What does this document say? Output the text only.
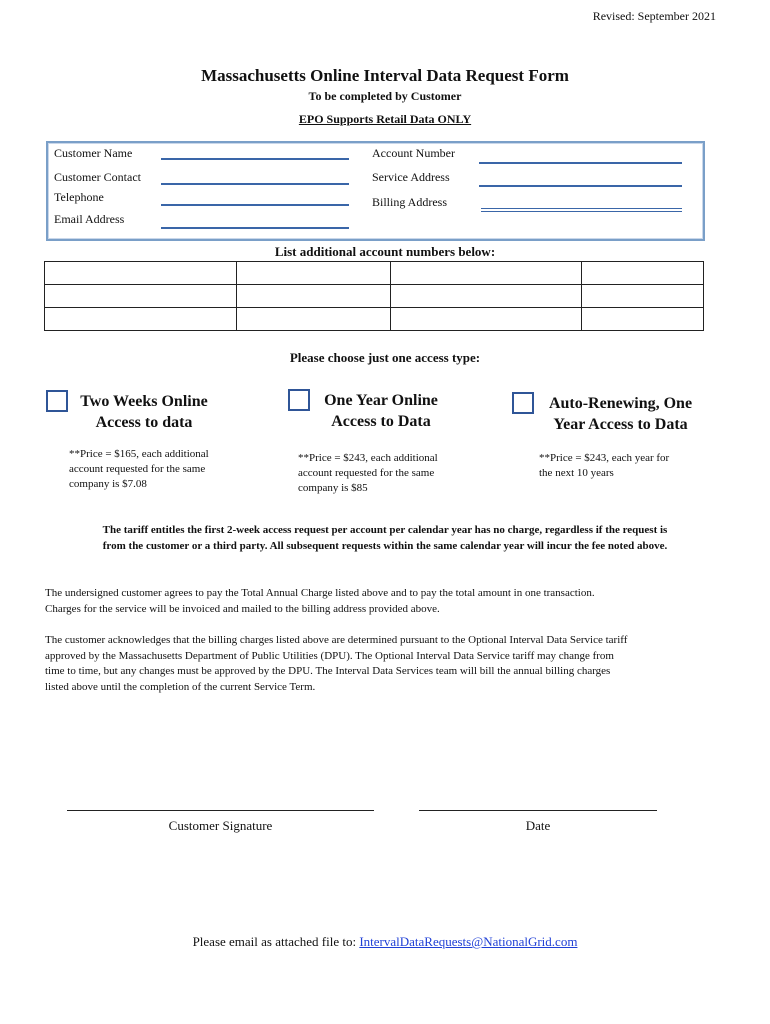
Revised: September 2021
Massachusetts Online Interval Data Request Form
To be completed by Customer
EPO Supports Retail Data ONLY
Customer Name
Customer Contact
Telephone
Email Address
Account Number
Service Address
Billing Address
List additional account numbers below:

Please choose just one access type:
Two Weeks Online
Access to data
**Price = $165, each additional
account requested for the same
company is $7.08
One Year Online
Access to Data
**Price = $243, each additional
account requested for the same
company is $85
Auto-Renewing, One
Year Access to Data
**Price = $243, each year for
the next 10 years
The tariff entitles the first 2-week access request per account per calendar year has no charge, regardless if the request is
from the customer or a third party. All subsequent requests within the same calendar year will incur the fee noted above.
The undersigned customer agrees to pay the Total Annual Charge listed above and to pay the total amount in one transaction.
Charges for the service will be invoiced and mailed to the billing address provided above.
The customer acknowledges that the billing charges listed above are determined pursuant to the Optional Interval Data Service tariff
approved by the Massachusetts Department of Public Utilities (DPU). The Optional Interval Data Service tariff may change from
time to time, but any changes must be approved by the DPU. The Interval Data Services team will bill the annual billing charges
listed above until the completion of the current Service Term.
Customer Signature	Date
Please email as attached file to: IntervalDataRequests@NationalGrid.com
